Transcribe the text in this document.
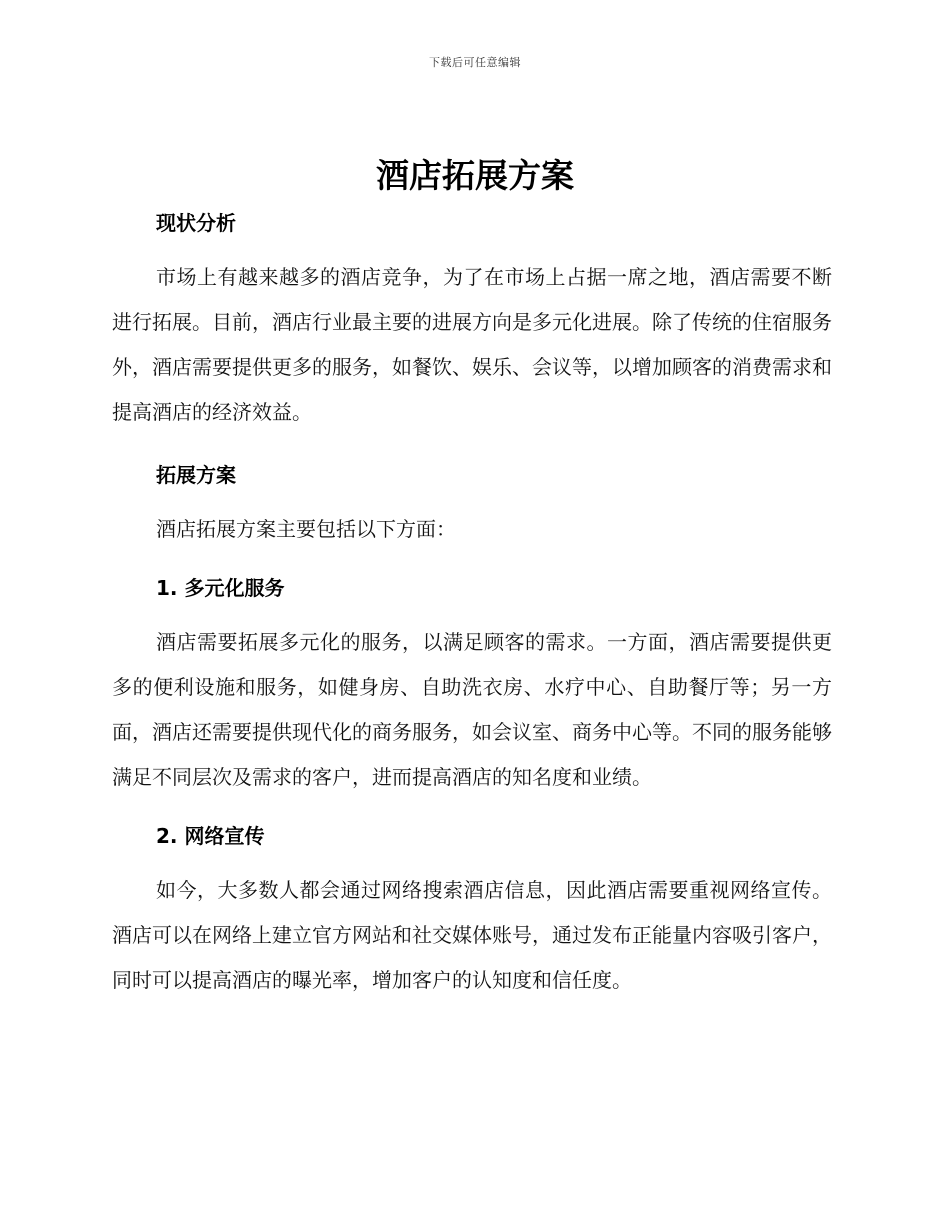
下载后可任意编辑
酒店拓展方案
现状分析

市场上有越来越多的酒店竞争，为了在市场上占据一席之地，酒店需要不断进行拓展。目前，酒店行业最主要的进展方向是多元化进展。除了传统的住宿服务外，酒店需要提供更多的服务，如餐饮、娱乐、会议等，以增加顾客的消费需求和提高酒店的经济效益。

拓展方案

酒店拓展方案主要包括以下方面：

1. 多元化服务

酒店需要拓展多元化的服务，以满足顾客的需求。一方面，酒店需要提供更多的便利设施和服务，如健身房、自助洗衣房、水疗中心、自助餐厅等；另一方面，酒店还需要提供现代化的商务服务，如会议室、商务中心等。不同的服务能够满足不同层次及需求的客户，进而提高酒店的知名度和业绩。

2. 网络宣传

如今，大多数人都会通过网络搜索酒店信息，因此酒店需要重视网络宣传。酒店可以在网络上建立官方网站和社交媒体账号，通过发布正能量内容吸引客户，同时可以提高酒店的曝光率，增加客户的认知度和信任度。
